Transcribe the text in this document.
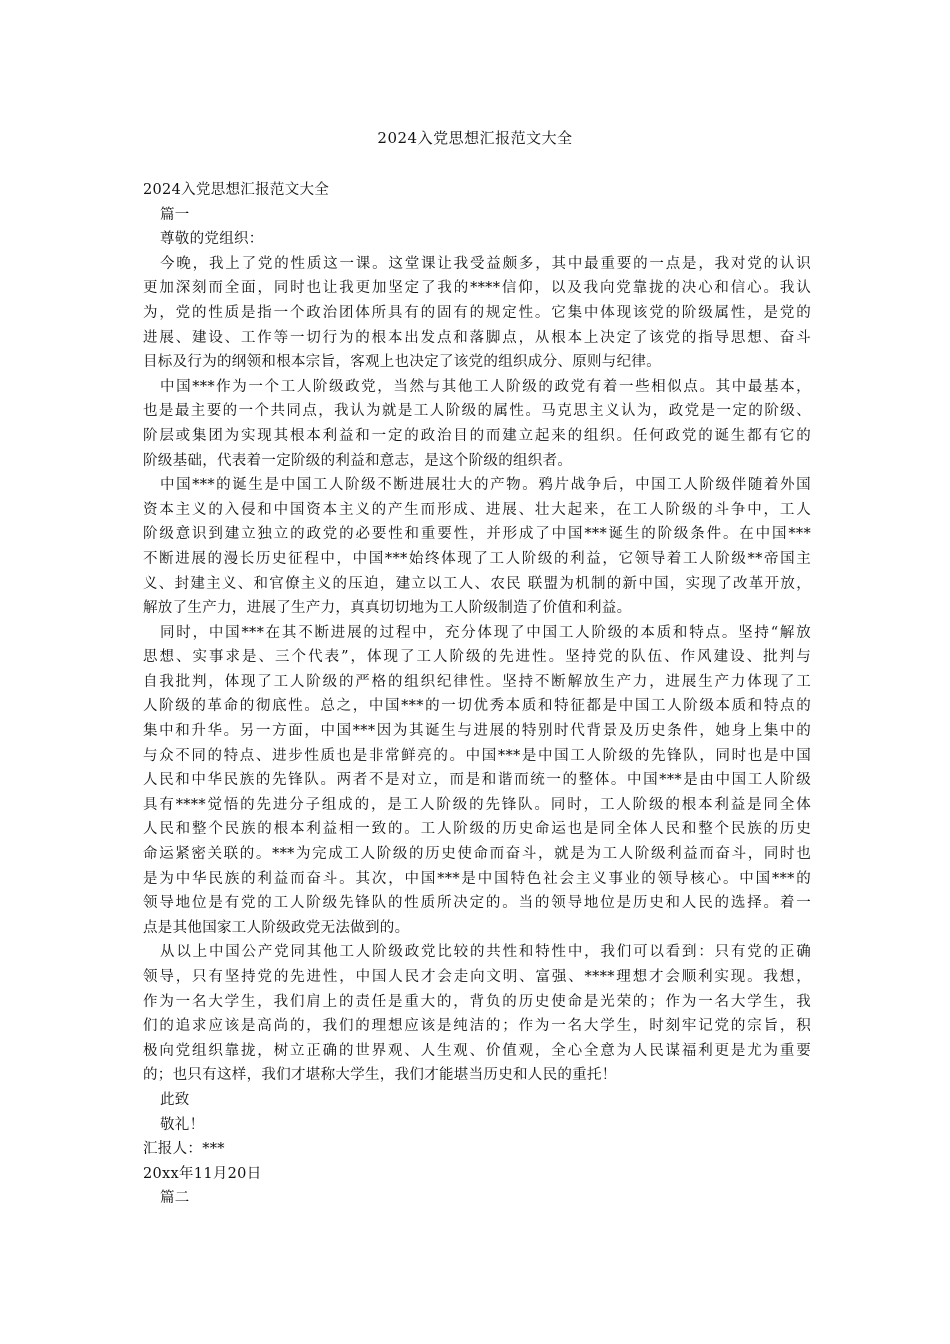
2024入党思想汇报范文大全
2024入党思想汇报范文大全
篇一
尊敬的党组织：
今晚，我上了党的性质这一课。这堂课让我受益颇多，其中最重要的一点是，我对党的认识
更加深刻而全面，同时也让我更加坚定了我的****信仰，以及我向党靠拢的决心和信心。我认
为，党的性质是指一个政治团体所具有的固有的规定性。它集中体现该党的阶级属性，是党的
进展、建设、工作等一切行为的根本出发点和落脚点，从根本上决定了该党的指导思想、奋斗
目标及行为的纲领和根本宗旨，客观上也决定了该党的组织成分、原则与纪律。
中国***作为一个工人阶级政党，当然与其他工人阶级的政党有着一些相似点。其中最基本，
也是最主要的一个共同点，我认为就是工人阶级的属性。马克思主义认为，政党是一定的阶级、
阶层或集团为实现其根本利益和一定的政治目的而建立起来的组织。任何政党的诞生都有它的
阶级基础，代表着一定阶级的利益和意志，是这个阶级的组织者。
中国***的诞生是中国工人阶级不断进展壮大的产物。鸦片战争后，中国工人阶级伴随着外国
资本主义的入侵和中国资本主义的产生而形成、进展、壮大起来，在工人阶级的斗争中，工人
阶级意识到建立独立的政党的必要性和重要性，并形成了中国***诞生的阶级条件。在中国***
不断进展的漫长历史征程中，中国***始终体现了工人阶级的利益，它领导着工人阶级**帝国主
义、封建主义、和官僚主义的压迫，建立以工人、农民 联盟为机制的新中国，实现了改革开放，
解放了生产力，进展了生产力，真真切切地为工人阶级制造了价值和利益。
同时，中国***在其不断进展的过程中，充分体现了中国工人阶级的本质和特点。坚持“解放
思想、实事求是、三个代表”，体现了工人阶级的先进性。坚持党的队伍、作风建设、批判与
自我批判，体现了工人阶级的严格的组织纪律性。坚持不断解放生产力，进展生产力体现了工
人阶级的革命的彻底性。总之，中国***的一切优秀本质和特征都是中国工人阶级本质和特点的
集中和升华。另一方面，中国***因为其诞生与进展的特别时代背景及历史条件，她身上集中的
与众不同的特点、进步性质也是非常鲜亮的。中国***是中国工人阶级的先锋队，同时也是中国
人民和中华民族的先锋队。两者不是对立，而是和谐而统一的整体。中国***是由中国工人阶级
具有****觉悟的先进分子组成的，是工人阶级的先锋队。同时，工人阶级的根本利益是同全体
人民和整个民族的根本利益相一致的。工人阶级的历史命运也是同全体人民和整个民族的历史
命运紧密关联的。***为完成工人阶级的历史使命而奋斗，就是为工人阶级利益而奋斗，同时也
是为中华民族的利益而奋斗。其次，中国***是中国特色社会主义事业的领导核心。中国***的
领导地位是有党的工人阶级先锋队的性质所决定的。当的领导地位是历史和人民的选择。着一
点是其他国家工人阶级政党无法做到的。
从以上中国公产党同其他工人阶级政党比较的共性和特性中，我们可以看到：只有党的正确
领导，只有坚持党的先进性，中国人民才会走向文明、富强、****理想才会顺利实现。我想，
作为一名大学生，我们肩上的责任是重大的，背负的历史使命是光荣的；作为一名大学生，我
们的追求应该是高尚的，我们的理想应该是纯洁的；作为一名大学生，时刻牢记党的宗旨，积
极向党组织靠拢，树立正确的世界观、人生观、价值观，全心全意为人民谋福利更是尤为重要
的；也只有这样，我们才堪称大学生，我们才能堪当历史和人民的重托！
此致
敬礼！
汇报人：***
20xx年11月20日
篇二
